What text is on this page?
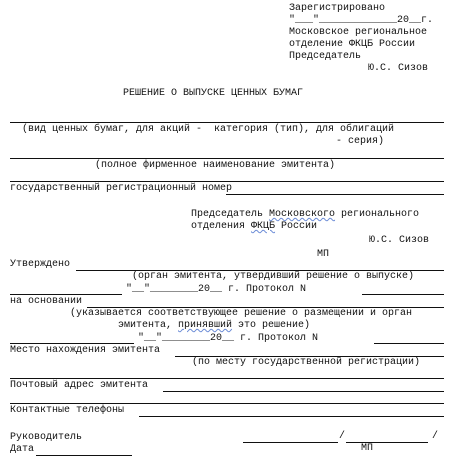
Зарегистрировано
"___"_____________20__г.
Московское региональное
отделение ФКЦБ России
Председатель
Ю.С. Сизов
РЕШЕНИЕ О ВЫПУСКЕ ЦЕННЫХ БУМАГ
(вид ценных бумаг, для акций -  категория (тип), для облигаций
- серия)
(полное фирменное наименование эмитента)
государственный регистрационный номер
Председатель Московского регионального
отделения ФКЦБ России
Ю.С. Сизов
МП
Утверждено
(орган эмитента, утвердивший решение о выпуске)
"__"________20__ г. Протокол N
на основании
(указывается соответствующее решение о размещении и орган
эмитента, принявший это решение)
"__"________20__ г. Протокол N
Место нахождения эмитента
(по месту государственной регистрации)
Почтовый адрес эмитента
Контактные телефоны
Руководитель	/	/
Дата	МП
